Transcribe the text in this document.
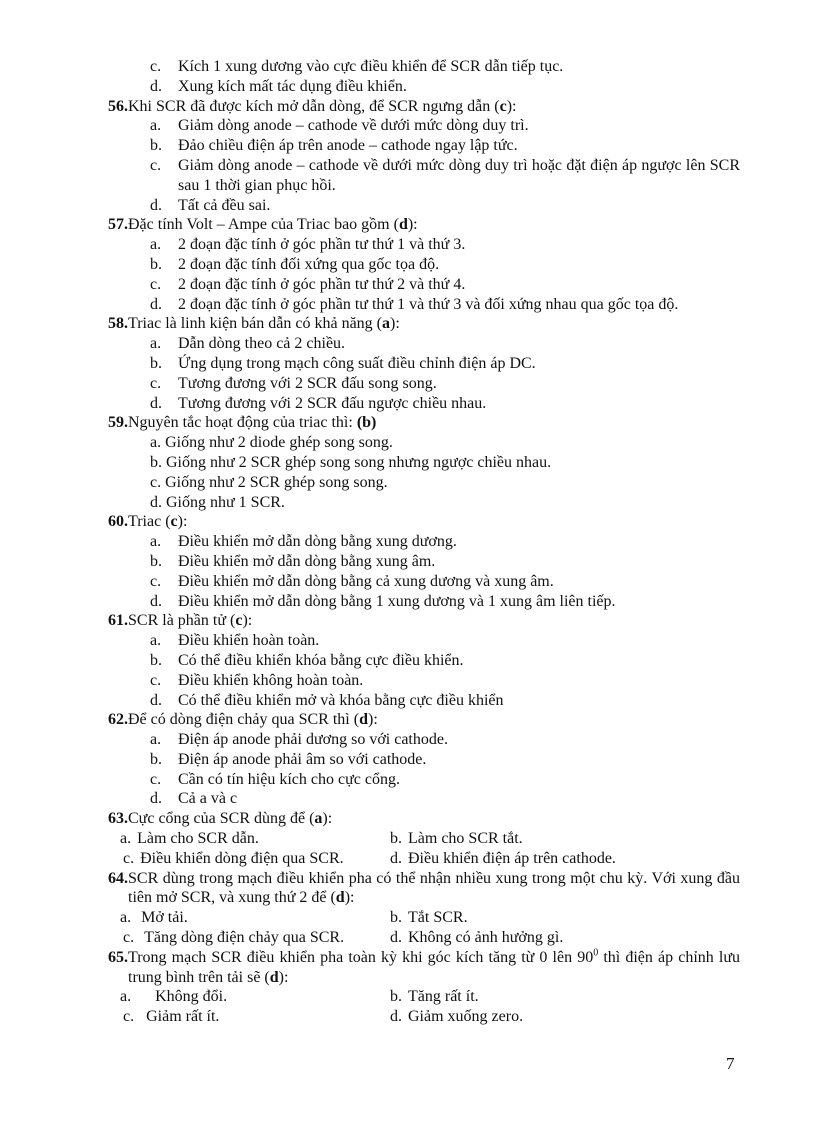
c.	Kích 1 xung dương vào cực điều khiển để SCR dẫn tiếp tục.
d.	Xung kích mất tác dụng điều khiển.
56. Khi SCR đã được kích mở dẫn dòng, để SCR ngưng dẫn (c):
a.	Giảm dòng anode – cathode về dưới mức dòng duy trì.
b.	Đảo chiều điện áp trên anode – cathode ngay lập tức.
c.	Giảm dòng anode – cathode về dưới mức dòng duy trì hoặc đặt điện áp ngược lên SCR sau 1 thời gian phục hồi.
d.	Tất cả đều sai.
57. Đặc tính Volt – Ampe của Triac bao gồm (d):
a.	2 đoạn đặc tính ở góc phần tư thứ 1 và thứ 3.
b.	2 đoạn đặc tính đối xứng qua gốc tọa độ.
c.	2 đoạn đặc tính ở góc phần tư thứ 2 và thứ 4.
d.	2 đoạn đặc tính ở góc phần tư thứ 1 và thứ 3 và đối xứng nhau qua gốc tọa độ.
58. Triac là linh kiện bán dẫn có khả năng (a):
a.	Dẫn dòng theo cả 2 chiều.
b.	Ứng dụng trong mạch công suất điều chỉnh điện áp DC.
c.	Tương đương với 2 SCR đấu song song.
d.	Tương đương với 2 SCR đấu ngược chiều nhau.
59. Nguyên tắc hoạt động của triac thì: (b)
a. Giống như 2 diode ghép song song.
b. Giống như 2 SCR ghép song song nhưng ngược chiều nhau.
c. Giống như 2 SCR ghép song song.
d. Giống như 1 SCR.
60. Triac (c):
a.	Điều khiển mở dẫn dòng bằng xung dương.
b.	Điều khiển mở dẫn dòng bằng xung âm.
c.	Điều khiển mở dẫn dòng bằng cả xung dương và xung âm.
d.	Điều khiển mở dẫn dòng bằng 1 xung dương và 1 xung âm liên tiếp.
61. SCR là phần tử (c):
a.	Điều khiển hoàn toàn.
b.	Có thể điều khiển khóa bằng cực điều khiển.
c.	Điều khiển không hoàn toàn.
d.	Có thể điều khiển mở và khóa bằng cực điều khiển
62. Để có dòng điện chảy qua SCR thì (d):
a.	Điện áp anode phải dương so với cathode.
b.	Điện áp anode phải âm so với cathode.
c.	Cần có tín hiệu kích cho cực cổng.
d.	Cả a và c
63. Cực cổng của SCR dùng để (a):
a. Làm cho SCR dẫn.	b. Làm cho SCR tắt.
c. Điều khiển dòng điện qua SCR.	d. Điều khiển điện áp trên cathode.
64. SCR dùng trong mạch điều khiển pha có thể nhận nhiều xung trong một chu kỳ. Với xung đầu tiên mở SCR, và xung thứ 2 để (d):
a. Mở tải.	b. Tắt SCR.
c. Tăng dòng điện chảy qua SCR.	d. Không có ảnh hưởng gì.
65. Trong mạch SCR điều khiển pha toàn kỳ khi góc kích tăng từ 0 lên $90^0$ thì điện áp chỉnh lưu trung bình trên tải sẽ (d):
a. Không đổi.	b. Tăng rất ít.
c. Giảm rất ít.	d. Giảm xuống zero.
7
